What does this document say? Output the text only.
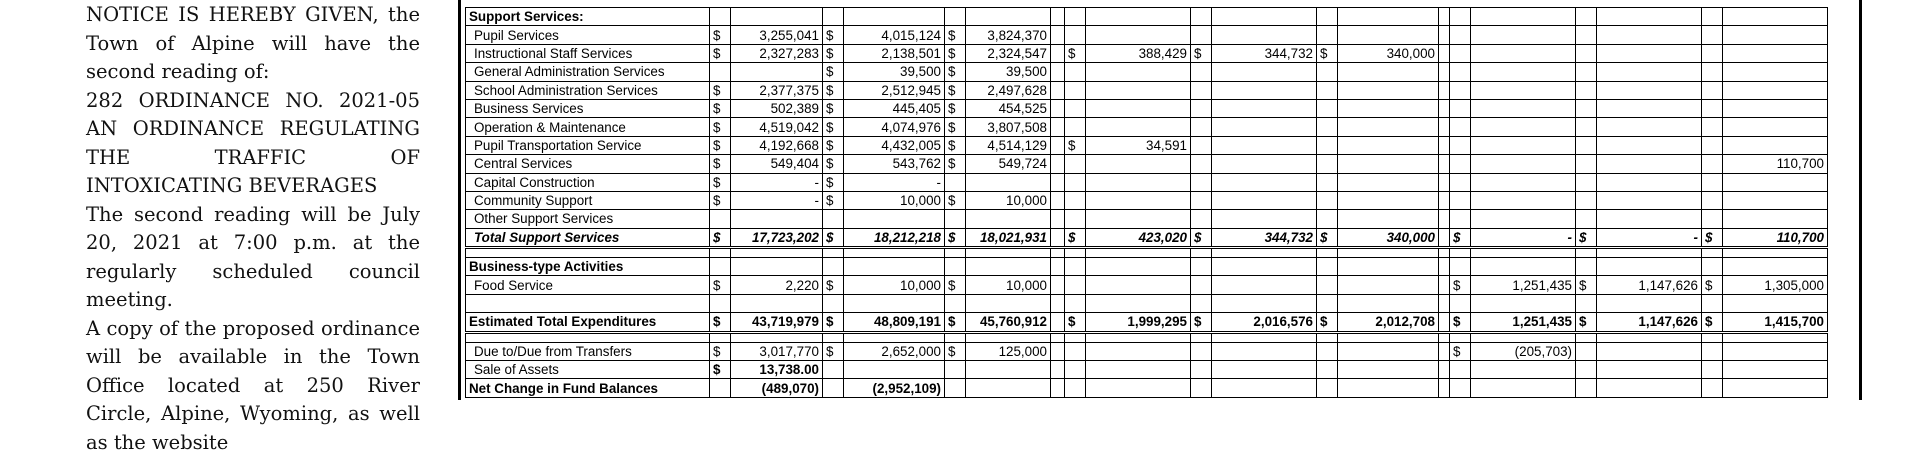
NOTICE IS HEREBY GIVEN, the Town of Alpine will have the second reading of:

282 ORDINANCE NO. 2021-05 AN ORDINANCE REGULATING THE TRAFFIC OF INTOXICATING BEVERAGES

The second reading will be July 20, 2021 at 7:00 p.m. at the regularly scheduled council meeting.

A copy of the proposed ordinance will be available in the Town Office located at 250 River Circle, Alpine, Wyoming, as well as the website

Support Services:																				
Pupil Services	$	3,255,041	$	4,015,124	$	3,824,370														
Instructional Staff Services	$	2,327,283	$	2,138,501	$	2,324,547		$	388,429	$	344,732	$	340,000							
General Administration Services			$	39,500	$	39,500														
School Administration Services	$	2,377,375	$	2,512,945	$	2,497,628														
Business Services	$	502,389	$	445,405	$	454,525														
Operation & Maintenance	$	4,519,042	$	4,074,976	$	3,807,508														
Pupil Transportation Service	$	4,192,668	$	4,432,005	$	4,514,129		$	34,591											
Central Services	$	549,404	$	543,762	$	549,724														110,700
Capital Construction	$	-	$	-																
Community Support	$	-	$	10,000	$	10,000														
Other Support Services																				
Total Support Services	$	17,723,202	$	18,212,218	$	18,021,931		$	423,020	$	344,732	$	340,000		$	-	$	-	$	110,700

Business-type Activities																				
Food Service	$	2,220	$	10,000	$	10,000									$	1,251,435	$	1,147,626	$	1,305,000

Estimated Total Expenditures	$	43,719,979	$	48,809,191	$	45,760,912		$	1,999,295	$	2,016,576	$	2,012,708		$	1,251,435	$	1,147,626	$	1,415,700

Due to/Due from Transfers	$	3,017,770	$	2,652,000	$	125,000									$	(205,703)				
Sale of Assets	$	13,738.00																		
Net Change in Fund Balances		(489,070)		(2,952,109)																
